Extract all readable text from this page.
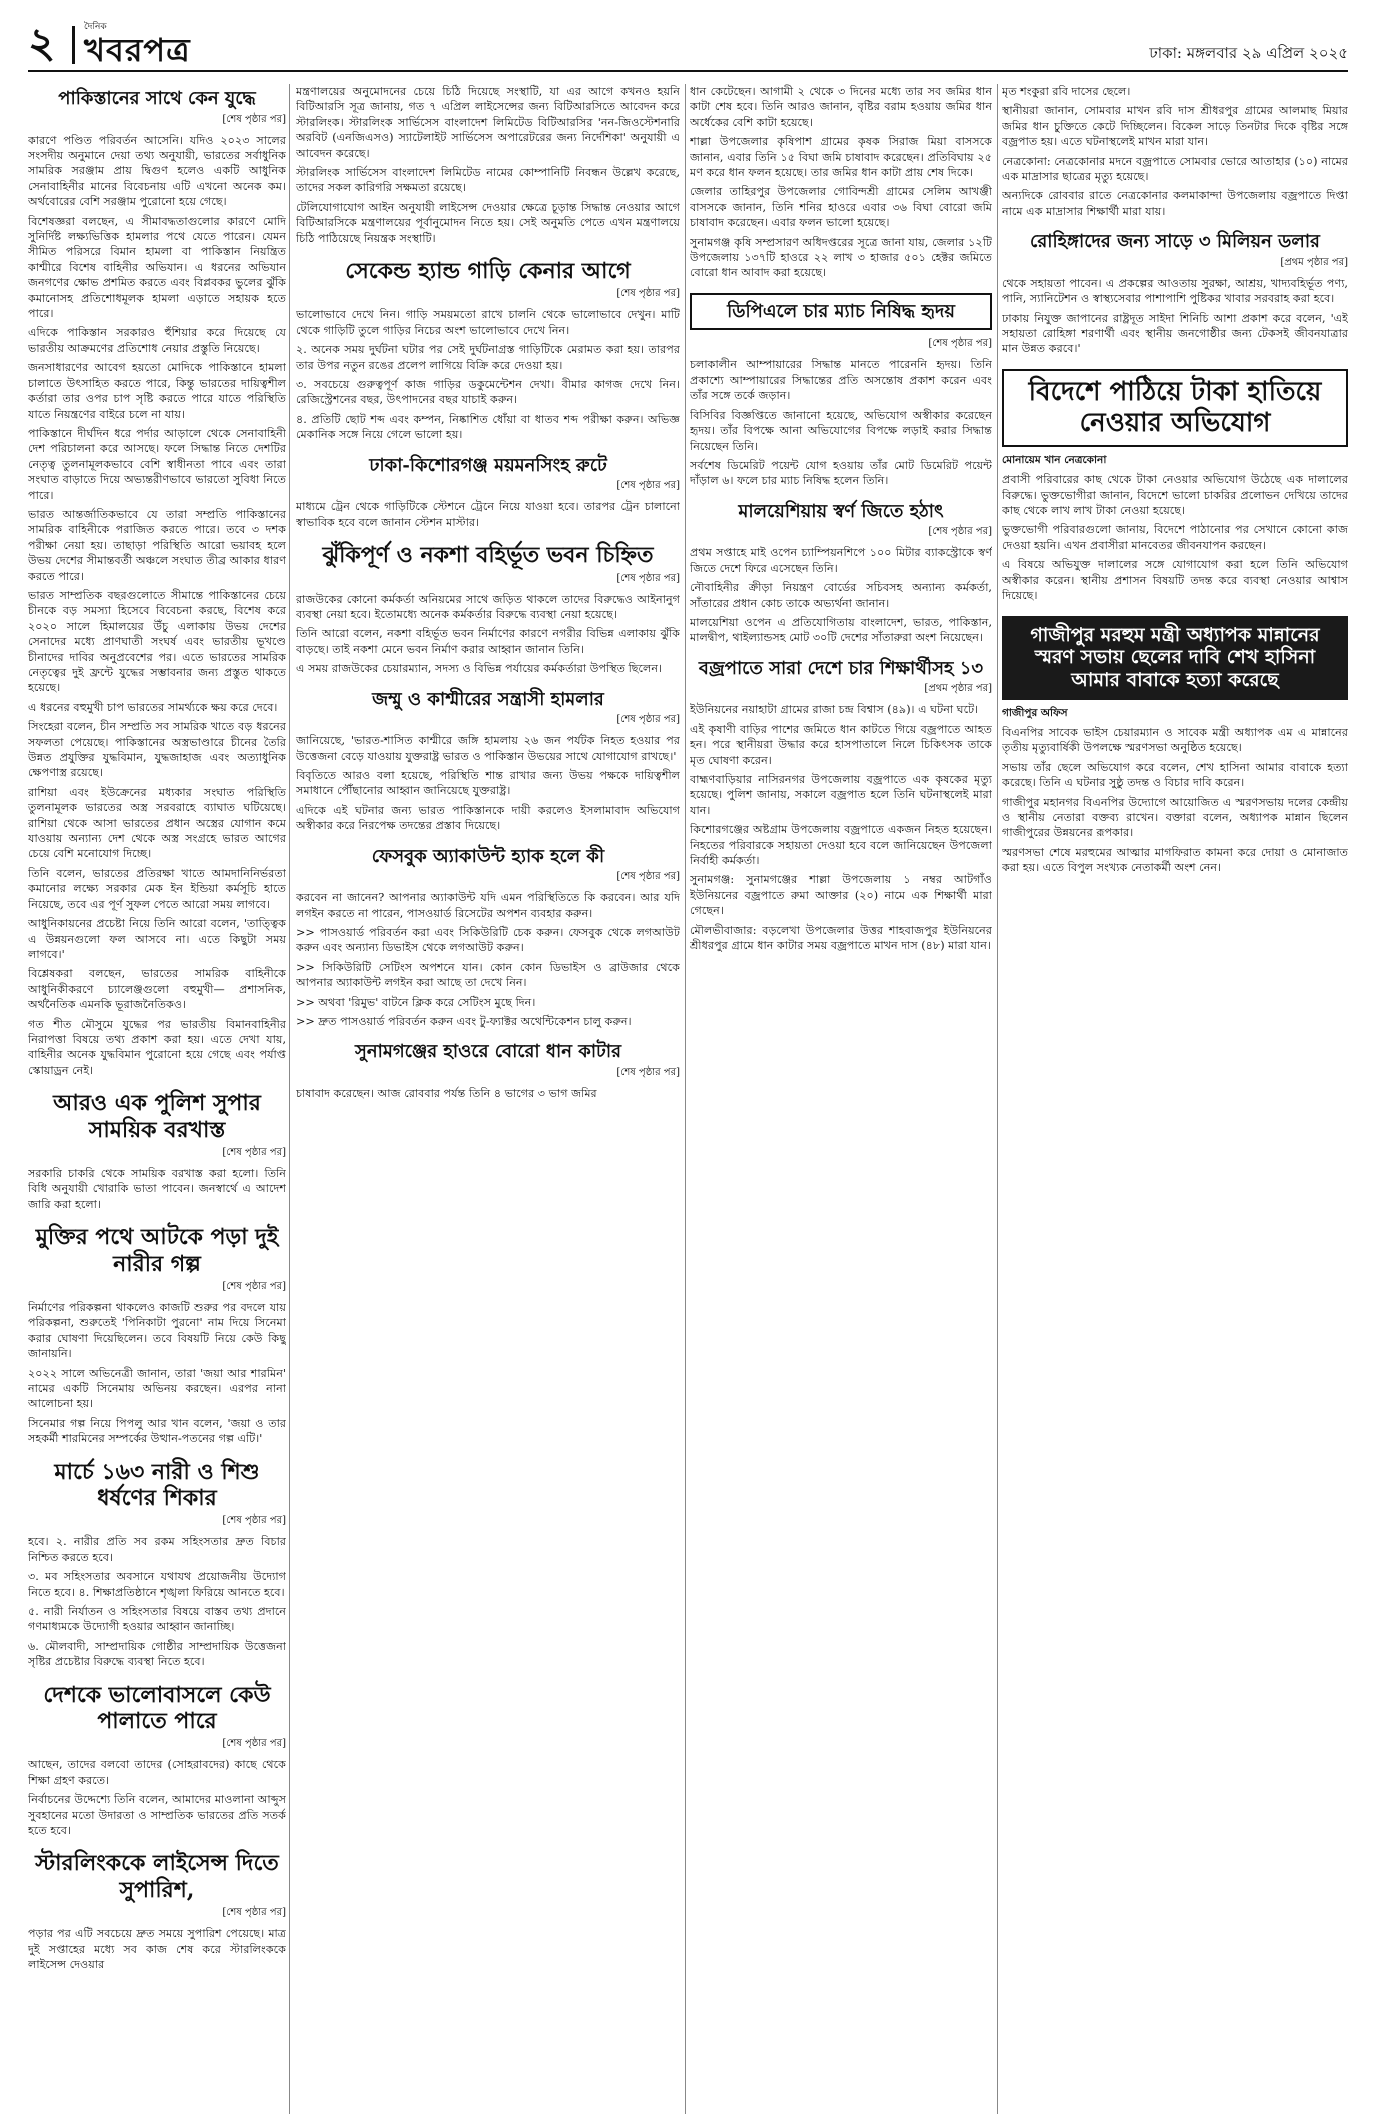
২	দৈনিক
খবরপত্র	ঢাকা: মঙ্গলবার ২৯ এপ্রিল ২০২৫
পাকিস্তানের সাথে কেন যুদ্ধে
[শেষ পৃষ্ঠার পর]

কারণে পণ্ডিত পরিবর্তন আসেনি। যদিও ২০২৩ সালের সংসদীয় অনুমানে দেয়া তথ্য অনুযায়ী, ভারতের সর্বাধুনিক সামরিক সরঞ্জাম প্রায় দ্বিগুণ হলেও একটি আধুনিক সেনাবাহিনীর মানের বিবেচনায় এটি এখনো অনেক কম। অর্থবোরের বেশি সরঞ্জাম পুরোনো হয়ে গেছে।

বিশেষজ্ঞরা বলছেন, এ সীমাবদ্ধতাগুলোর কারণে মোদি সুনির্দিষ্ট লক্ষ্যভিত্তিক হামলার পথে যেতে পারেন। যেমন সীমিত পরিসরে বিমান হামলা বা পাকিস্তান নিয়ন্ত্রিত কাশ্মীরে বিশেষ বাহিনীর অভিযান। এ ধরনের অভিযান জনগণের ক্ষোভ প্রশমিত করতে এবং বিপ্লবকর ভুলের ঝুঁকি কমানোসহ প্রতিশোধমূলক হামলা এড়াতে সহায়ক হতে পারে।

এদিকে পাকিস্তান সরকারও হুঁশিয়ার করে দিয়েছে যে ভারতীয় আক্রমণের প্রতিশোধ নেয়ার প্রস্তুতি নিয়েছে।

জনসাধারণের আবেগ হয়তো মোদিকে পাকিস্তানে হামলা চালাতে উৎসাহিত করতে পারে, কিন্তু ভারতের দায়িত্বশীল কর্তারা তার ওপর চাপ সৃষ্টি করতে পারে যাতে পরিস্থিতি যাতে নিয়ন্ত্রণের বাইরে চলে না যায়।

পাকিস্তানে দীর্ঘদিন ধরে পর্দার আড়ালে থেকে সেনাবাহিনী দেশ পরিচালনা করে আসছে। ফলে সিদ্ধান্ত নিতে দেশটির নেতৃত্ব তুলনামূলকভাবে বেশি স্বাধীনতা পাবে এবং তারা সংঘাত বাড়াতে দিয়ে অভ্যন্তরীণভাবে ভারতো সুবিধা নিতে পারে।

ভারত আন্তর্জাতিকভাবে যে তারা সম্প্রতি পাকিস্তানের সামরিক বাহিনীকে পরাজিত করতে পারে। তবে ৩ দশক পরীক্ষা নেয়া হয়। তাছাড়া পরিস্থিতি আরো ভয়াবহ হলে উভয় দেশের সীমান্তবর্তী অঞ্চলে সংঘাত তীব্র আকার ধারণ করতে পারে।

ভারত সাম্প্রতিক বছরগুলোতে সীমান্তে পাকিস্তানের চেয়ে চীনকে বড় সমস্যা হিসেবে বিবেচনা করছে, বিশেষ করে ২০২০ সালে হিমালয়ের উঁচু এলাকায় উভয় দেশের সেনাদের মধ্যে প্রাণঘাতী সংঘর্ষ এবং ভারতীয় ভূখণ্ডে চীনাদের দাবির অনুপ্রবেশের পর। এতে ভারতের সামরিক নেতৃত্বের দুই ফ্রন্টে যুদ্ধের সম্ভাবনার জন্য প্রস্তুত থাকতে হয়েছে।

এ ধরনের বহুমুখী চাপ ভারতের সামর্থ্যকে ক্ষয় করে দেবে।

সিংহেরা বলেন, চীন সম্প্রতি সব সামরিক খাতে বড় ধরনের সফলতা পেয়েছে। পাকিস্তানের অস্ত্রভাণ্ডারে চীনের তৈরি উন্নত প্রযুক্তির যুদ্ধবিমান, যুদ্ধজাহাজ এবং অত্যাধুনিক ক্ষেপণাস্ত্র রয়েছে।

রাশিয়া এবং ইউক্রেনের মধ্যকার সংঘাত পরিস্থিতি তুলনামূলক ভারতের অস্ত্র সরবরাহে ব্যাঘাত ঘটিয়েছে। রাশিয়া থেকে আসা ভারতের প্রধান অস্ত্রের যোগান কমে যাওয়ায় অন্যান্য দেশ থেকে অস্ত্র সংগ্রহে ভারত আগের চেয়ে বেশি মনোযোগ দিচ্ছে।

তিনি বলেন, ভারতের প্রতিরক্ষা খাতে আমদানিনির্ভরতা কমানোর লক্ষ্যে সরকার মেক ইন ইন্ডিয়া কর্মসূচি হাতে নিয়েছে, তবে এর পূর্ণ সুফল পেতে আরো সময় লাগবে।

আধুনিকায়নের প্রচেষ্টা নিয়ে তিনি আরো বলেন, 'তাত্ত্বিক এ উন্নয়নগুলো ফল আসবে না। এতে কিছুটা সময় লাগবে।'

বিশ্লেষকরা বলছেন, ভারতের সামরিক বাহিনীকে আধুনিকীকরণে চ্যালেঞ্জগুলো বহুমুখী— প্রশাসনিক, অর্থনৈতিক এমনকি ভূরাজনৈতিকও।

গত শীত মৌসুমে যুদ্ধের পর ভারতীয় বিমানবাহিনীর নিরাপত্তা বিষয়ে তথ্য প্রকাশ করা হয়। এতে দেখা যায়, বাহিনীর অনেক যুদ্ধবিমান পুরোনো হয়ে গেছে এবং পর্যাপ্ত স্কোয়াড্রন নেই।

আরও এক পুলিশ সুপার সাময়িক বরখাস্ত
[শেষ পৃষ্ঠার পর]

সরকারি চাকরি থেকে সাময়িক বরখাস্ত করা হলো। তিনি বিধি অনুযায়ী খোরাকি ভাতা পাবেন। জনস্বার্থে এ আদেশ জারি করা হলো।

মুক্তির পথে আটকে পড়া দুই নারীর গল্প
[শেষ পৃষ্ঠার পর]

নির্মাণের পরিকল্পনা থাকলেও কাজটি শুরুর পর বদলে যায় পরিকল্পনা, শুরুতেই 'পিনিকাটা পুরনো' নাম দিয়ে সিনেমা করার ঘোষণা দিয়েছিলেন। তবে বিষয়টি নিয়ে কেউ কিছু জানায়নি।

২০২২ সালে অভিনেত্রী জানান, তারা 'জয়া আর শারমিন' নামের একটি সিনেমায় অভিনয় করছেন। এরপর নানা আলোচনা হয়।

সিনেমার গল্প নিয়ে পিপলু আর খান বলেন, 'জয়া ও তার সহকর্মী শারমিনের সম্পর্কের উত্থান-পতনের গল্প এটি।'

মার্চে ১৬৩ নারী ও শিশু ধর্ষণের শিকার
[শেষ পৃষ্ঠার পর]

হবে। ২. নারীর প্রতি সব রকম সহিংসতার দ্রুত বিচার নিশ্চিত করতে হবে।

৩. মব সহিংসতার অবসানে যথাযথ প্রয়োজনীয় উদ্যোগ নিতে হবে। ৪. শিক্ষাপ্রতিষ্ঠানে শৃঙ্খলা ফিরিয়ে আনতে হবে।

৫. নারী নির্যাতন ও সহিংসতার বিষয়ে বাস্তব তথ্য প্রদানে গণমাধ্যমকে উদ্যোগী হওয়ার আহ্বান জানাচ্ছি।

৬. মৌলবাদী, সাম্প্রদায়িক গোষ্ঠীর সাম্প্রদায়িক উত্তেজনা সৃষ্টির প্রচেষ্টার বিরুদ্ধে ব্যবস্থা নিতে হবে।

দেশকে ভালোবাসলে কেউ পালাতে পারে
[শেষ পৃষ্ঠার পর]

আছেন, তাদের বলবো তাদের (সোহরাবদের) কাছে থেকে শিক্ষা গ্রহণ করতে।

নির্বাচনের উদ্দেশ্যে তিনি বলেন, আমাদের মাওলানা আব্দুস সুবহানের মতো উদারতা ও সাম্প্রতিক ভারতের প্রতি সতর্ক হতে হবে।

স্টারলিংককে লাইসেন্স দিতে সুপারিশ,
[শেষ পৃষ্ঠার পর]

পড়ার পর এটি সবচেয়ে দ্রুত সময়ে সুপারিশ পেয়েছে। মাত্র দুই সপ্তাহের মধ্যে সব কাজ শেষ করে স্টারলিংককে লাইসেন্স দেওয়ার

মন্ত্রণালয়ের অনুমোদনের চেয়ে চিঠি দিয়েছে সংস্থাটি, যা এর আগে কখনও হয়নি বিটিআরসি সূত্র জানায়, গত ৭ এপ্রিল লাইসেন্সের জন্য বিটিআরসিতে আবেদন করে স্টারলিংক। স্টারলিংক সার্ভিসেস বাংলাদেশ লিমিটেড বিটিআরসির 'নন-জিওস্টেশনারি অরবিট (এনজিএসও) স্যাটেলাইট সার্ভিসেস অপারেটরের জন্য নির্দেশিকা' অনুযায়ী এ আবেদন করেছে।

স্টারলিংক সার্ভিসেস বাংলাদেশ লিমিটেড নামের কোম্পানিটি নিবন্ধন উল্লেখ করেছে, তাদের সকল কারিগরি সক্ষমতা রয়েছে।

টেলিযোগাযোগ আইন অনুযায়ী লাইসেন্স দেওয়ার ক্ষেত্রে চূড়ান্ত সিদ্ধান্ত নেওয়ার আগে বিটিআরসিকে মন্ত্রণালয়ের পূর্বানুমোদন নিতে হয়। সেই অনুমতি পেতে এখন মন্ত্রণালয়ে চিঠি পাঠিয়েছে নিয়ন্ত্রক সংস্থাটি।

সেকেন্ড হ্যান্ড গাড়ি কেনার আগে
[শেষ পৃষ্ঠার পর]

ভালোভাবে দেখে নিন। গাড়ি সময়মতো রাখে চালনি থেকে ভালোভাবে দেখুন। মাটি থেকে গাড়িটি তুলে গাড়ির নিচের অংশ ভালোভাবে দেখে নিন।

২. অনেক সময় দুর্ঘটনা ঘটার পর সেই দুর্ঘটনাগ্রস্ত গাড়িটিকে মেরামত করা হয়। তারপর তার উপর নতুন রঙের প্রলেপ লাগিয়ে বিক্রি করে দেওয়া হয়।

৩. সবচেয়ে গুরুত্বপূর্ণ কাজ গাড়ির ডকুমেন্টেশন দেখা। বীমার কাগজ দেখে নিন। রেজিস্ট্রেশনের বছর, উৎপাদনের বছর যাচাই করুন।

৪. প্রতিটি ছোট শব্দ এবং কম্পন, নিষ্কাশিত ধোঁয়া বা ধাতব শব্দ পরীক্ষা করুন। অভিজ্ঞ মেকানিক সঙ্গে নিয়ে গেলে ভালো হয়।

ঢাকা-কিশোরগঞ্জ ময়মনসিংহ রুটে
[শেষ পৃষ্ঠার পর]

মাধ্যমে ট্রেন থেকে গাড়িটিকে স্টেশনে ট্রেনে নিয়ে যাওয়া হবে। তারপর ট্রেন চালানো স্বাভাবিক হবে বলে জানান স্টেশন মাস্টার।

ঝুঁকিপূর্ণ ও নকশা বহির্ভূত ভবন চিহ্নিত
[শেষ পৃষ্ঠার পর]

রাজউকের কোনো কর্মকর্তা অনিয়মের সাথে জড়িত থাকলে তাদের বিরুদ্ধেও আইনানুগ ব্যবস্থা নেয়া হবে। ইতোমধ্যে অনেক কর্মকর্তার বিরুদ্ধে ব্যবস্থা নেয়া হয়েছে।

তিনি আরো বলেন, নকশা বহির্ভূত ভবন নির্মাণের কারণে নগরীর বিভিন্ন এলাকায় ঝুঁকি বাড়ছে। তাই নকশা মেনে ভবন নির্মাণ করার আহ্বান জানান তিনি।

এ সময় রাজউকের চেয়ারম্যান, সদস্য ও বিভিন্ন পর্যায়ের কর্মকর্তারা উপস্থিত ছিলেন।

জম্মু ও কাশ্মীরের সন্ত্রাসী হামলার
[শেষ পৃষ্ঠার পর]

জানিয়েছে, 'ভারত-শাসিত কাশ্মীরে জঙ্গি হামলায় ২৬ জন পর্যটক নিহত হওয়ার পর উত্তেজনা বেড়ে যাওয়ায় যুক্তরাষ্ট্র ভারত ও পাকিস্তান উভয়ের সাথে যোগাযোগ রাখছে।'

বিবৃতিতে আরও বলা হয়েছে, পরিস্থিতি শান্ত রাখার জন্য উভয় পক্ষকে দায়িত্বশীল সমাধানে পৌঁছানোর আহ্বান জানিয়েছে যুক্তরাষ্ট্র।

এদিকে এই ঘটনার জন্য ভারত পাকিস্তানকে দায়ী করলেও ইসলামাবাদ অভিযোগ অস্বীকার করে নিরপেক্ষ তদন্তের প্রস্তাব দিয়েছে।

ফেসবুক অ্যাকাউন্ট হ্যাক হলে কী
[শেষ পৃষ্ঠার পর]

করবেন না জানেন? আপনার অ্যাকাউন্ট যদি এমন পরিস্থিতিতে কি করবেন। আর যদি লগইন করতে না পারেন, পাসওয়ার্ড রিসেটের অপশন ব্যবহার করুন।

>> পাসওয়ার্ড পরিবর্তন করা এবং সিকিউরিটি চেক করুন। ফেসবুক থেকে লগআউট করুন এবং অন্যান্য ডিভাইস থেকে লগআউট করুন।

>> সিকিউরিটি সেটিংস অপশনে যান। কোন কোন ডিভাইস ও ব্রাউজার থেকে আপনার অ্যাকাউন্ট লগইন করা আছে তা দেখে নিন।

>> অথবা 'রিমুভ' বাটনে ক্লিক করে সেটিংস মুছে দিন।

>> দ্রুত পাসওয়ার্ড পরিবর্তন করুন এবং টু-ফ্যাক্টর অথেন্টিকেশন চালু করুন।

সুনামগঞ্জের হাওরে বোরো ধান কাটার
[শেষ পৃষ্ঠার পর]

চাষাবাদ করেছেন। আজ রোববার পর্যন্ত তিনি ৪ ভাগের ৩ ভাগ জমির

ধান কেটেছেন। আগামী ২ থেকে ৩ দিনের মধ্যে তার সব জমির ধান কাটা শেষ হবে। তিনি আরও জানান, বৃষ্টির বরাম হওয়ায় জমির ধান অর্ধেকের বেশি কাটা হয়েছে।

শাল্লা উপজেলার কৃষিপাশ গ্রামের কৃষক সিরাজ মিয়া বাসসকে জানান, এবার তিনি ১৫ বিঘা জমি চাষাবাদ করেছেন। প্রতিবিঘায় ২৫ মণ করে ধান ফলন হয়েছে। তার জমির ধান কাটা প্রায় শেষ দিকে।

জেলার তাহিরপুর উপজেলার গোবিন্দশ্রী গ্রামের সেলিম আখঞ্জী বাসসকে জানান, তিনি শনির হাওরে এবার ৩৬ বিঘা বোরো জমি চাষাবাদ করেছেন। এবার ফলন ভালো হয়েছে।

সুনামগঞ্জ কৃষি সম্প্রসারণ অধিদপ্তরের সূত্রে জানা যায়, জেলার ১২টি উপজেলায় ১৩৭টি হাওরে ২২ লাখ ৩ হাজার ৫০১ হেক্টর জমিতে বোরো ধান আবাদ করা হয়েছে।

ডিপিএলে চার ম্যাচ নিষিদ্ধ হৃদয়
[শেষ পৃষ্ঠার পর]

চলাকালীন আম্পায়ারের সিদ্ধান্ত মানতে পারেননি হৃদয়। তিনি প্রকাশ্যে আম্পায়ারের সিদ্ধান্তের প্রতি অসন্তোষ প্রকাশ করেন এবং তাঁর সঙ্গে তর্কে জড়ান।

বিসিবির বিজ্ঞপ্তিতে জানানো হয়েছে, অভিযোগ অস্বীকার করেছেন হৃদয়। তাঁর বিপক্ষে আনা অভিযোগের বিপক্ষে লড়াই করার সিদ্ধান্ত নিয়েছেন তিনি।

সর্বশেষ ডিমেরিট পয়েন্ট যোগ হওয়ায় তাঁর মোট ডিমেরিট পয়েন্ট দাঁড়াল ৬। ফলে চার ম্যাচ নিষিদ্ধ হলেন তিনি।

মালয়েশিয়ায় স্বর্ণ জিতে হঠাৎ
[শেষ পৃষ্ঠার পর]

প্রথম সপ্তাহে মাই ওপেন চ্যাম্পিয়নশিপে ১০০ মিটার ব্যাকস্ট্রোকে স্বর্ণ জিতে দেশে ফিরে এসেছেন তিনি।

নৌবাহিনীর ক্রীড়া নিয়ন্ত্রণ বোর্ডের সচিবসহ অন্যান্য কর্মকর্তা, সাঁতারের প্রধান কোচ তাকে অভ্যর্থনা জানান।

মালয়েশিয়া ওপেন এ প্রতিযোগিতায় বাংলাদেশ, ভারত, পাকিস্তান, মালদ্বীপ, থাইল্যান্ডসহ মোট ৩০টি দেশের সাঁতারুরা অংশ নিয়েছেন।

বজ্রপাতে সারা দেশে চার শিক্ষার্থীসহ ১৩
[প্রথম পৃষ্ঠার পর]

ইউনিয়নের নয়াহাটা গ্রামের রাজা চন্দ্র বিশ্বাস (৪৯)। এ ঘটনা ঘটে।

এই কৃষাণী বাড়ির পাশের জমিতে ধান কাটতে গিয়ে বজ্রপাতে আহত হন। পরে স্থানীয়রা উদ্ধার করে হাসপাতালে নিলে চিকিৎসক তাকে মৃত ঘোষণা করেন।

বাহ্মণবাড়িয়ার নাসিরনগর উপজেলায় বজ্রপাতে এক কৃষকের মৃত্যু হয়েছে। পুলিশ জানায়, সকালে বজ্রপাত হলে তিনি ঘটনাস্থলেই মারা যান।

কিশোরগঞ্জের অষ্টগ্রাম উপজেলায় বজ্রপাতে একজন নিহত হয়েছেন। নিহতের পরিবারকে সহায়তা দেওয়া হবে বলে জানিয়েছেন উপজেলা নির্বাহী কর্মকর্তা।

সুনামগঞ্জ: সুনামগঞ্জের শাল্লা উপজেলায় ১ নম্বর আটগাঁও ইউনিয়নের বজ্রপাতে রুমা আক্তার (২০) নামে এক শিক্ষার্থী মারা গেছেন।

মৌলভীবাজার: বড়লেখা উপজেলার উত্তর শাহবাজপুর ইউনিয়নের শ্রীধরপুর গ্রামে ধান কাটার সময় বজ্রপাতে মাখন দাস (৪৮) মারা যান।

মৃত শংকুরা রবি দাসের ছেলে।

স্থানীয়রা জানান, সোমবার মাখন রবি দাস শ্রীধরপুর গ্রামের আলমাছ মিয়ার জমির ধান চুক্তিতে কেটে দিচ্ছিলেন। বিকেল সাড়ে তিনটার দিকে বৃষ্টির সঙ্গে বজ্রপাত হয়। এতে ঘটনাস্থলেই মাখন মারা যান।

নেত্রকোনা: নেত্রকোনার মদনে বজ্রপাতে সোমবার ভোরে আতাহার (১০) নামের এক মাদ্রাসার ছাত্রের মৃত্যু হয়েছে।

অন্যদিকে রোববার রাতে নেত্রকোনার কলমাকান্দা উপজেলায় বজ্রপাতে দিপ্তা নামে এক মাদ্রাসার শিক্ষার্থী মারা যায়।

রোহিঙ্গাদের জন্য সাড়ে ৩ মিলিয়ন ডলার
[প্রথম পৃষ্ঠার পর]

থেকে সহায়তা পাবেন। এ প্রকল্পের আওতায় সুরক্ষা, আশ্রয়, খাদ্যবহির্ভূত পণ্য, পানি, স্যানিটেশন ও স্বাস্থ্যসেবার পাশাপাশি পুষ্টিকর খাবার সরবরাহ করা হবে।

ঢাকায় নিযুক্ত জাপানের রাষ্ট্রদূত সাইদা শিনিচি আশা প্রকাশ করে বলেন, 'এই সহায়তা রোহিঙ্গা শরণার্থী এবং স্থানীয় জনগোষ্ঠীর জন্য টেকসই জীবনযাত্রার মান উন্নত করবে।'

বিদেশে পাঠিয়ে টাকা হাতিয়ে নেওয়ার অভিযোগ
মোনায়েম খান নেত্রকোনা

প্রবাসী পরিবারের কাছ থেকে টাকা নেওয়ার অভিযোগ উঠেছে এক দালালের বিরুদ্ধে। ভুক্তভোগীরা জানান, বিদেশে ভালো চাকরির প্রলোভন দেখিয়ে তাদের কাছ থেকে লাখ লাখ টাকা নেওয়া হয়েছে।

ভুক্তভোগী পরিবারগুলো জানায়, বিদেশে পাঠানোর পর সেখানে কোনো কাজ দেওয়া হয়নি। এখন প্রবাসীরা মানবেতর জীবনযাপন করছেন।

এ বিষয়ে অভিযুক্ত দালালের সঙ্গে যোগাযোগ করা হলে তিনি অভিযোগ অস্বীকার করেন। স্থানীয় প্রশাসন বিষয়টি তদন্ত করে ব্যবস্থা নেওয়ার আশ্বাস দিয়েছে।

গাজীপুর মরহুম মন্ত্রী অধ্যাপক মান্নানের স্মরণ সভায় ছেলের দাবি শেখ হাসিনা আমার বাবাকে হত্যা করেছে
গাজীপুর অফিস

বিএনপির সাবেক ভাইস চেয়ারম্যান ও সাবেক মন্ত্রী অধ্যাপক এম এ মান্নানের তৃতীয় মৃত্যুবার্ষিকী উপলক্ষে স্মরণসভা অনুষ্ঠিত হয়েছে।

সভায় তাঁর ছেলে অভিযোগ করে বলেন, শেখ হাসিনা আমার বাবাকে হত্যা করেছে। তিনি এ ঘটনার সুষ্ঠু তদন্ত ও বিচার দাবি করেন।

গাজীপুর মহানগর বিএনপির উদ্যোগে আয়োজিত এ স্মরণসভায় দলের কেন্দ্রীয় ও স্থানীয় নেতারা বক্তব্য রাখেন। বক্তারা বলেন, অধ্যাপক মান্নান ছিলেন গাজীপুরের উন্নয়নের রূপকার।

স্মরণসভা শেষে মরহুমের আত্মার মাগফিরাত কামনা করে দোয়া ও মোনাজাত করা হয়। এতে বিপুল সংখ্যক নেতাকর্মী অংশ নেন।
